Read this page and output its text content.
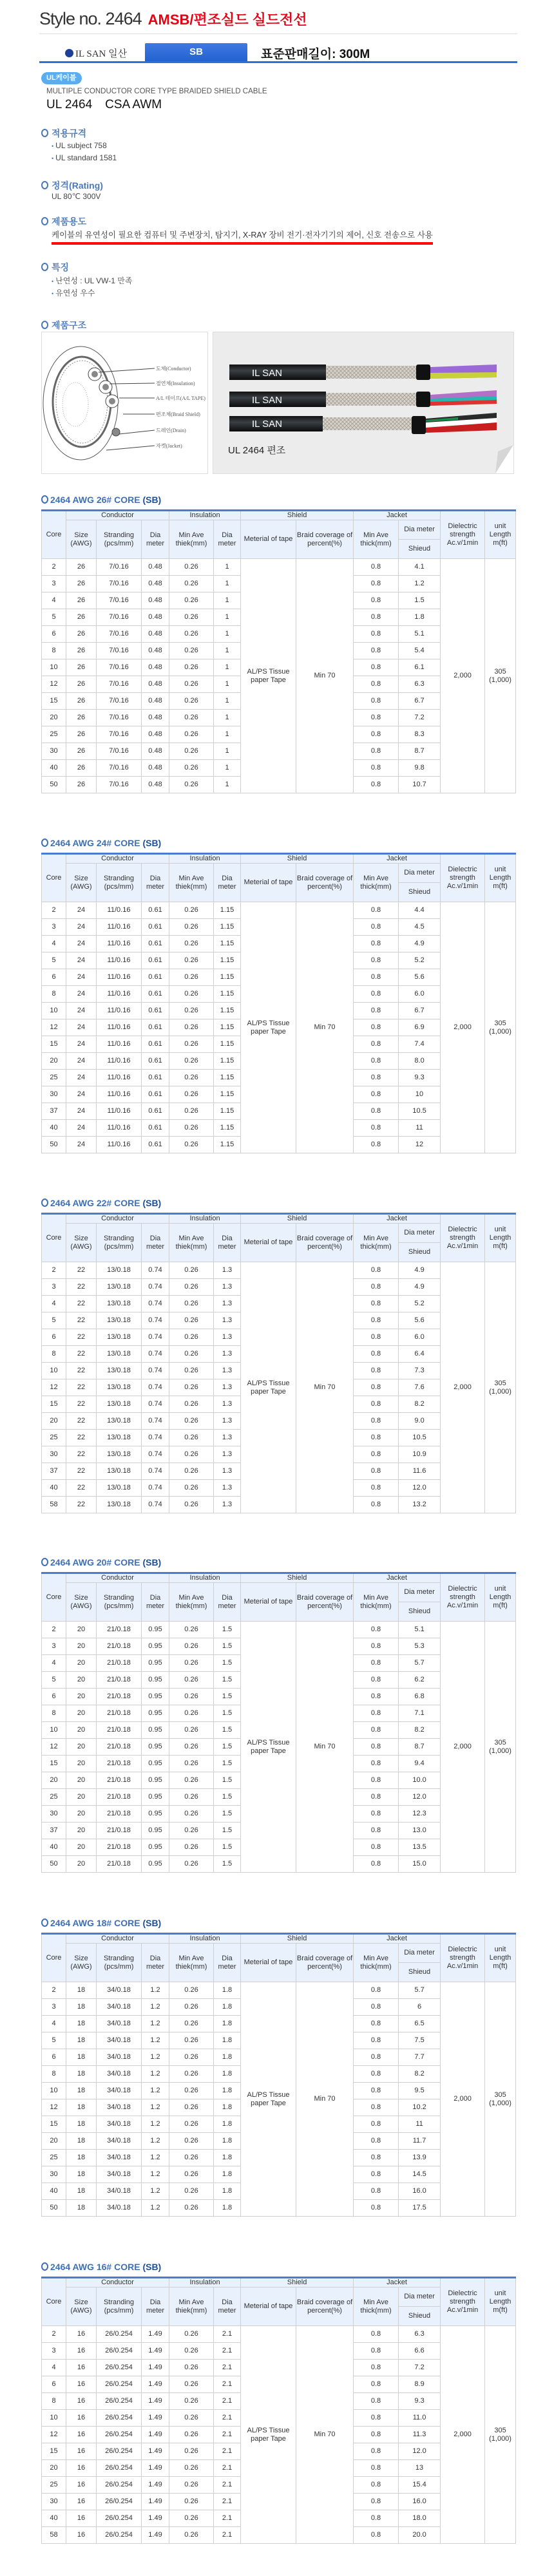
Style no. 2464 AMSB/편조실드 실드전선
IL SAN 일산	SB	표준판매길이: 300M
UL케이블
MULTIPLE CONDUCTOR CORE TYPE BRAIDED SHIELD CABLE
UL 2464 CSA AWM
적용규격
• UL subject 758
• UL standard 1581
정격(Rating)
UL 80℃ 300V
제품용도
케이블의 유연성이 필요한 컴퓨터 및 주변장치, 탐지기, X-RAY 장비 전기·전자기기의 제어, 신호 전송으로 사용
특징
• 난연성 : UL VW-1 만족
• 유연성 우수
제품구조
도체(Conductor)
절연체(Insulation)
A/L 테이프(A/L TAPE)
편조체(Braid Shield)
드레인(Drain)
자켓(Jacket)
IL SAN
IL SAN
IL SAN
UL 2464 편조
2464 AWG 26# CORE (SB)
Core	Conductor			Insulation		Shield		Jacket		Dielectric strength Ac.v/1min	unit Length m(ft)
	Size (AWG)	Stranding (pcs/mm)	Dia meter	Min Ave thiek(mm)	Dia meter	Meterial of tape	Braid coverage of percent(%)	Min Ave thick(mm)	Dia meter		
									Shieud		
2	26	7/0.16	0.48	0.26	1	AL/PS Tissue paper Tape	Min 70	0.8	4.1	2,000	305 (1,000)
3	26	7/0.16	0.48	0.26	1			0.8	1.2		
4	26	7/0.16	0.48	0.26	1			0.8	1.5		
5	26	7/0.16	0.48	0.26	1			0.8	1.8		
6	26	7/0.16	0.48	0.26	1			0.8	5.1		
8	26	7/0.16	0.48	0.26	1			0.8	5.4		
10	26	7/0.16	0.48	0.26	1			0.8	6.1		
12	26	7/0.16	0.48	0.26	1			0.8	6.3		
15	26	7/0.16	0.48	0.26	1			0.8	6.7		
20	26	7/0.16	0.48	0.26	1			0.8	7.2		
25	26	7/0.16	0.48	0.26	1			0.8	8.3		
30	26	7/0.16	0.48	0.26	1			0.8	8.7		
40	26	7/0.16	0.48	0.26	1			0.8	9.8		
50	26	7/0.16	0.48	0.26	1			0.8	10.7		
2464 AWG 24# CORE (SB)
Core	Conductor			Insulation		Shield		Jacket		Dielectric strength Ac.v/1min	unit Length m(ft)
	Size (AWG)	Stranding (pcs/mm)	Dia meter	Min Ave thiek(mm)	Dia meter	Meterial of tape	Braid coverage of percent(%)	Min Ave thick(mm)	Dia meter		
									Shieud		
2	24	11/0.16	0.61	0.26	1.15	AL/PS Tissue paper Tape	Min 70	0.8	4.4	2,000	305 (1,000)
3	24	11/0.16	0.61	0.26	1.15			0.8	4.5		
4	24	11/0.16	0.61	0.26	1.15			0.8	4.9		
5	24	11/0.16	0.61	0.26	1.15			0.8	5.2		
6	24	11/0.16	0.61	0.26	1.15			0.8	5.6		
8	24	11/0.16	0.61	0.26	1.15			0.8	6.0		
10	24	11/0.16	0.61	0.26	1.15			0.8	6.7		
12	24	11/0.16	0.61	0.26	1.15			0.8	6.9		
15	24	11/0.16	0.61	0.26	1.15			0.8	7.4		
20	24	11/0.16	0.61	0.26	1.15			0.8	8.0		
25	24	11/0.16	0.61	0.26	1.15			0.8	9.3		
30	24	11/0.16	0.61	0.26	1.15			0.8	10		
37	24	11/0.16	0.61	0.26	1.15			0.8	10.5		
40	24	11/0.16	0.61	0.26	1.15			0.8	11		
50	24	11/0.16	0.61	0.26	1.15			0.8	12		
2464 AWG 22# CORE (SB)
Core	Conductor			Insulation		Shield		Jacket		Dielectric strength Ac.v/1min	unit Length m(ft)
	Size (AWG)	Stranding (pcs/mm)	Dia meter	Min Ave thiek(mm)	Dia meter	Meterial of tape	Braid coverage of percent(%)	Min Ave thick(mm)	Dia meter		
									Shieud		
2	22	13/0.18	0.74	0.26	1.3	AL/PS Tissue paper Tape	Min 70	0.8	4.9	2,000	305 (1,000)
3	22	13/0.18	0.74	0.26	1.3			0.8	4.9		
4	22	13/0.18	0.74	0.26	1.3			0.8	5.2		
5	22	13/0.18	0.74	0.26	1.3			0.8	5.6		
6	22	13/0.18	0.74	0.26	1.3			0.8	6.0		
8	22	13/0.18	0.74	0.26	1.3			0.8	6.4		
10	22	13/0.18	0.74	0.26	1.3			0.8	7.3		
12	22	13/0.18	0.74	0.26	1.3			0.8	7.6		
15	22	13/0.18	0.74	0.26	1.3			0.8	8.2		
20	22	13/0.18	0.74	0.26	1.3			0.8	9.0		
25	22	13/0.18	0.74	0.26	1.3			0.8	10.5		
30	22	13/0.18	0.74	0.26	1.3			0.8	10.9		
37	22	13/0.18	0.74	0.26	1.3			0.8	11.6		
40	22	13/0.18	0.74	0.26	1.3			0.8	12.0		
58	22	13/0.18	0.74	0.26	1.3			0.8	13.2		
2464 AWG 20# CORE (SB)
Core	Conductor			Insulation		Shield		Jacket		Dielectric strength Ac.v/1min	unit Length m(ft)
	Size (AWG)	Stranding (pcs/mm)	Dia meter	Min Ave thiek(mm)	Dia meter	Meterial of tape	Braid coverage of percent(%)	Min Ave thick(mm)	Dia meter		
									Shieud		
2	20	21/0.18	0.95	0.26	1.5	AL/PS Tissue paper Tape	Min 70	0.8	5.1	2,000	305 (1,000)
3	20	21/0.18	0.95	0.26	1.5			0.8	5.3		
4	20	21/0.18	0.95	0.26	1.5			0.8	5.7		
5	20	21/0.18	0.95	0.26	1.5			0.8	6.2		
6	20	21/0.18	0.95	0.26	1.5			0.8	6.8		
8	20	21/0.18	0.95	0.26	1.5			0.8	7.1		
10	20	21/0.18	0.95	0.26	1.5			0.8	8.2		
12	20	21/0.18	0.95	0.26	1.5			0.8	8.7		
15	20	21/0.18	0.95	0.26	1.5			0.8	9.4		
20	20	21/0.18	0.95	0.26	1.5			0.8	10.0		
25	20	21/0.18	0.95	0.26	1.5			0.8	12.0		
30	20	21/0.18	0.95	0.26	1.5			0.8	12.3		
37	20	21/0.18	0.95	0.26	1.5			0.8	13.0		
40	20	21/0.18	0.95	0.26	1.5			0.8	13.5		
50	20	21/0.18	0.95	0.26	1.5			0.8	15.0		
2464 AWG 18# CORE (SB)
Core	Conductor			Insulation		Shield		Jacket		Dielectric strength Ac.v/1min	unit Length m(ft)
	Size (AWG)	Stranding (pcs/mm)	Dia meter	Min Ave thiek(mm)	Dia meter	Meterial of tape	Braid coverage of percent(%)	Min Ave thick(mm)	Dia meter		
									Shieud		
2	18	34/0.18	1.2	0.26	1.8	AL/PS Tissue paper Tape	Min 70	0.8	5.7	2,000	305 (1,000)
3	18	34/0.18	1.2	0.26	1.8			0.8	6		
4	18	34/0.18	1.2	0.26	1.8			0.8	6.5		
5	18	34/0.18	1.2	0.26	1.8			0.8	7.5		
6	18	34/0.18	1.2	0.26	1.8			0.8	7.7		
8	18	34/0.18	1.2	0.26	1.8			0.8	8.2		
10	18	34/0.18	1.2	0.26	1.8			0.8	9.5		
12	18	34/0.18	1.2	0.26	1.8			0.8	10.2		
15	18	34/0.18	1.2	0.26	1.8			0.8	11		
20	18	34/0.18	1.2	0.26	1.8			0.8	11.7		
25	18	34/0.18	1.2	0.26	1.8			0.8	13.9		
30	18	34/0.18	1.2	0.26	1.8			0.8	14.5		
40	18	34/0.18	1.2	0.26	1.8			0.8	16.0		
50	18	34/0.18	1.2	0.26	1.8			0.8	17.5		
2464 AWG 16# CORE (SB)
Core	Conductor			Insulation		Shield		Jacket		Dielectric strength Ac.v/1min	unit Length m(ft)
	Size (AWG)	Stranding (pcs/mm)	Dia meter	Min Ave thiek(mm)	Dia meter	Meterial of tape	Braid coverage of percent(%)	Min Ave thick(mm)	Dia meter		
									Shieud		
2	16	26/0.254	1.49	0.26	2.1	AL/PS Tissue paper Tape	Min 70	0.8	6.3	2,000	305 (1,000)
3	16	26/0.254	1.49	0.26	2.1			0.8	6.6		
4	16	26/0.254	1.49	0.26	2.1			0.8	7.2		
6	16	26/0.254	1.49	0.26	2.1			0.8	8.9		
8	16	26/0.254	1.49	0.26	2.1			0.8	9.3		
10	16	26/0.254	1.49	0.26	2.1			0.8	11.0		
12	16	26/0.254	1.49	0.26	2.1			0.8	11.3		
15	16	26/0.254	1.49	0.26	2.1			0.8	12.0		
20	16	26/0.254	1.49	0.26	2.1			0.8	13		
25	16	26/0.254	1.49	0.26	2.1			0.8	15.4		
30	16	26/0.254	1.49	0.26	2.1			0.8	16.0		
40	16	26/0.254	1.49	0.26	2.1			0.8	18.0		
58	16	26/0.254	1.49	0.26	2.1			0.8	20.0		
